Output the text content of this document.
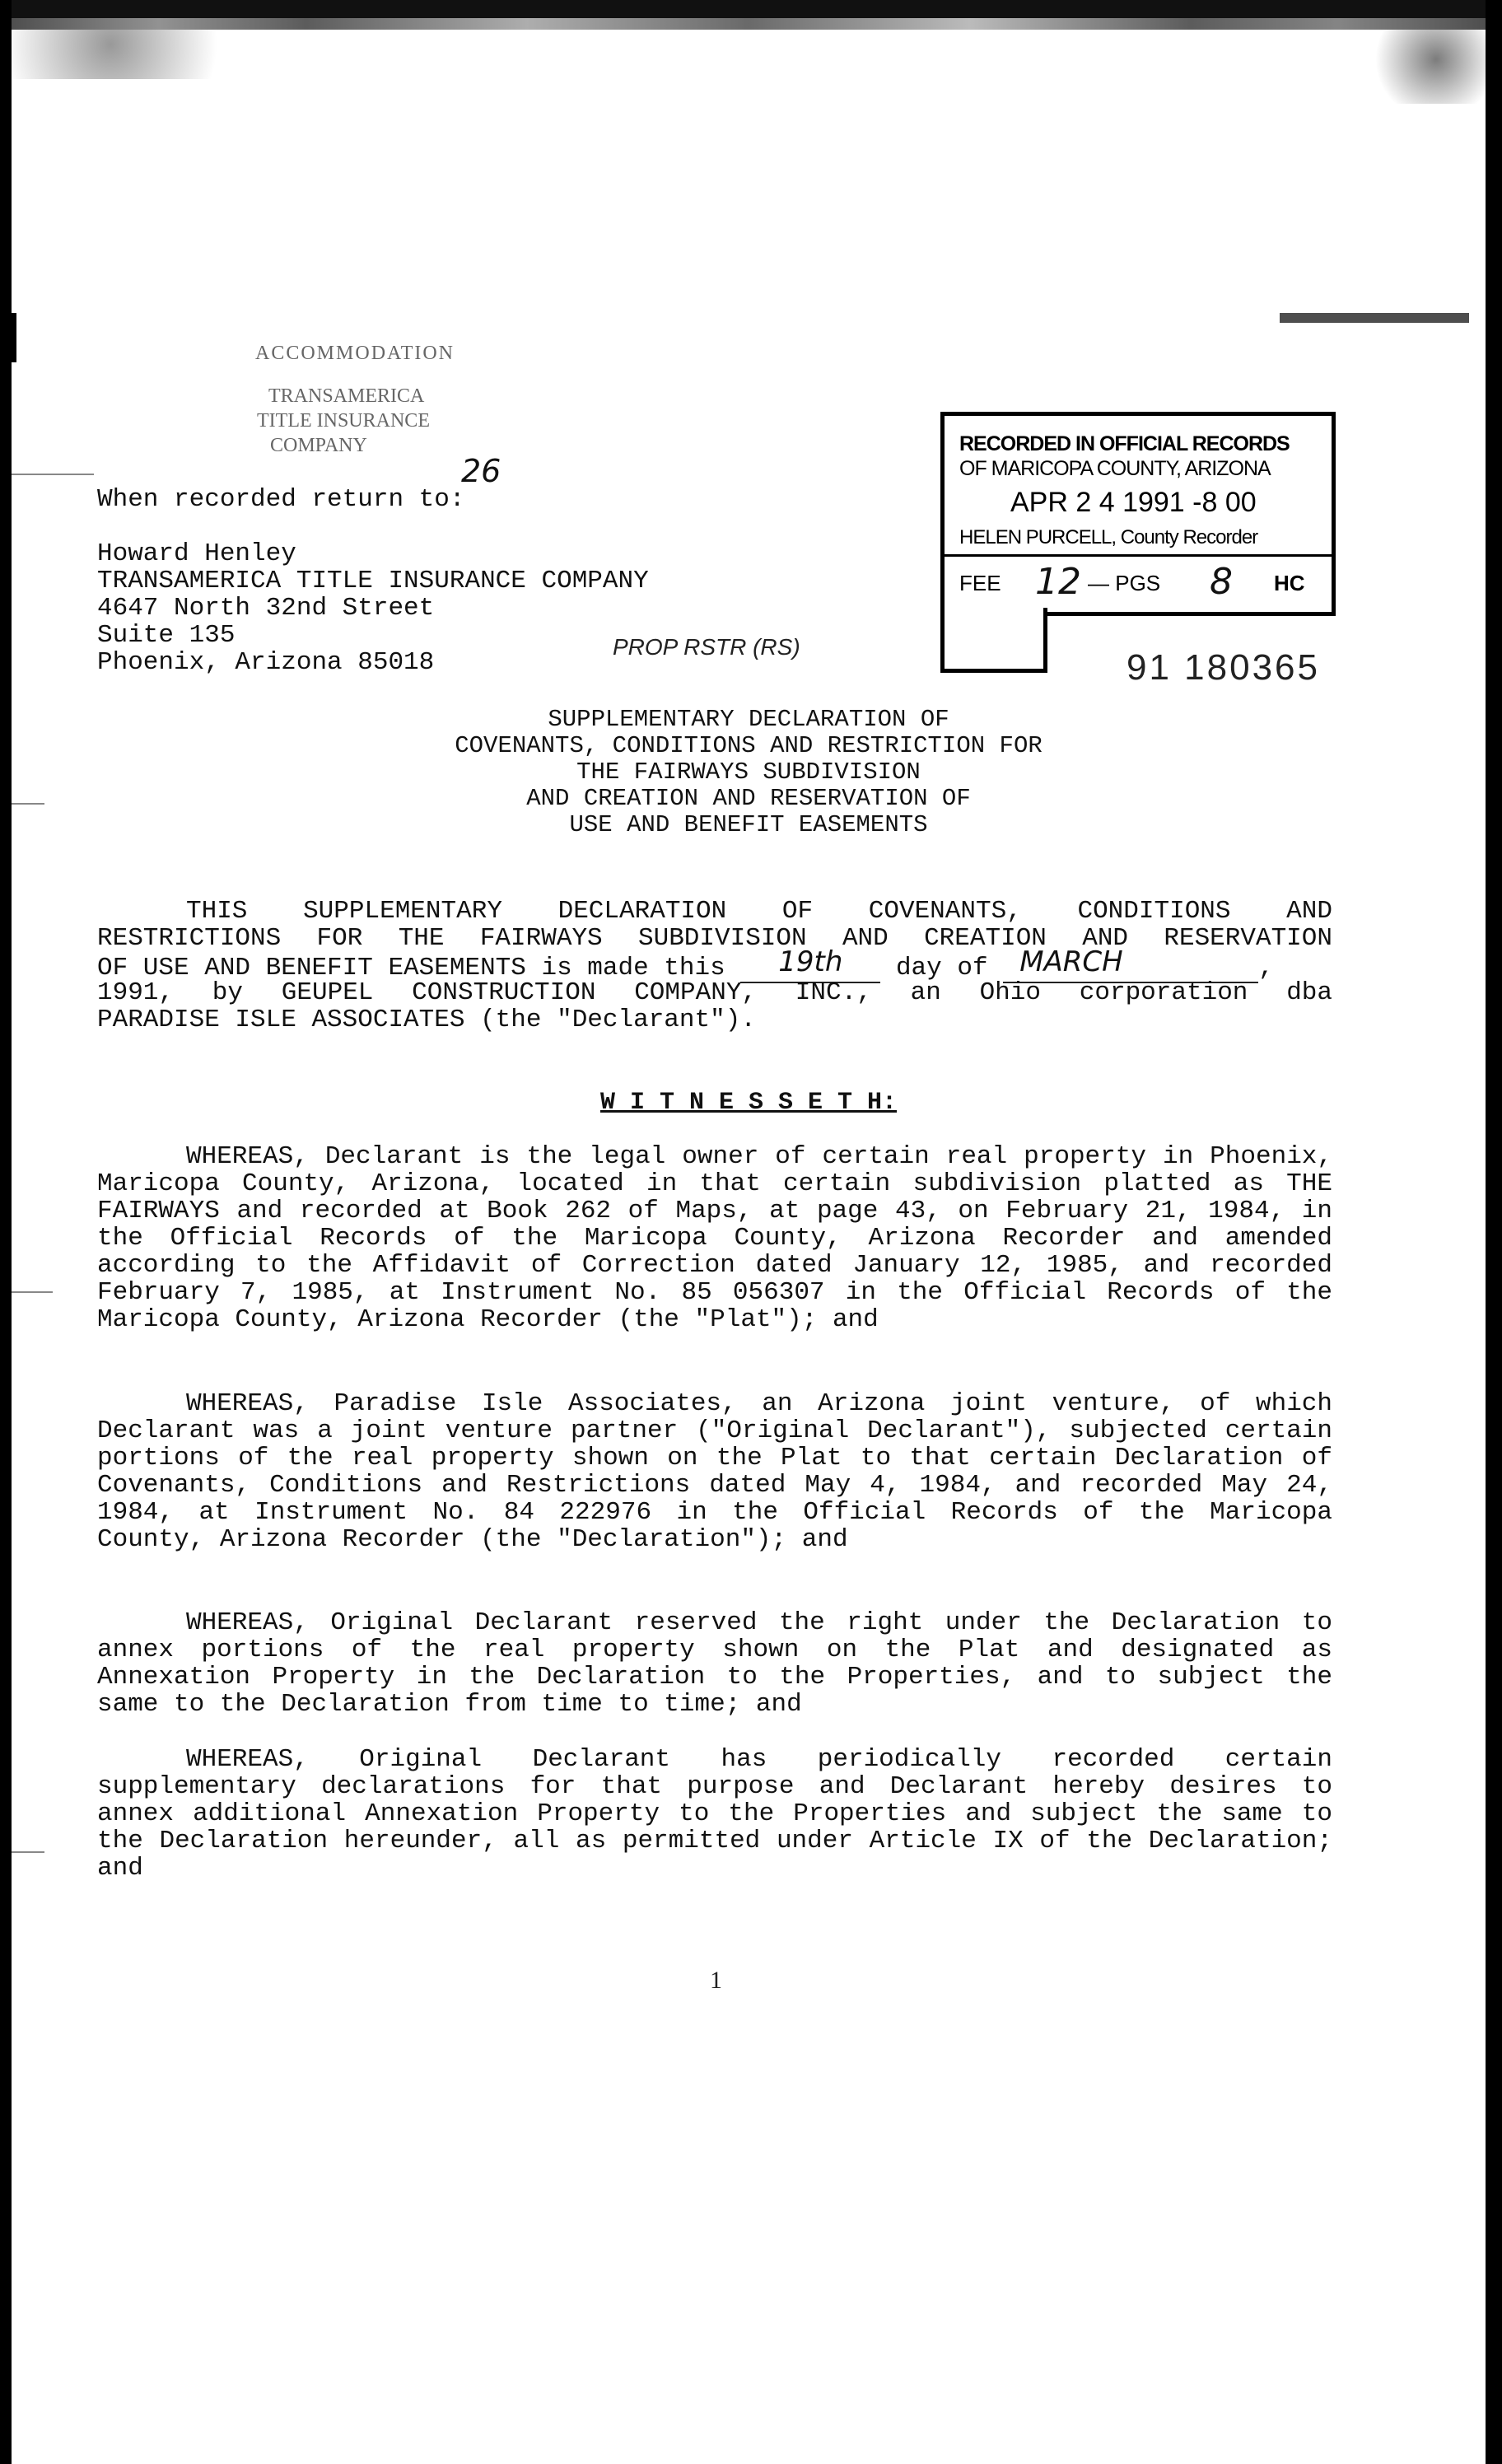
ACCOMMODATION
TRANSAMERICA
TITLE INSURANCE
COMPANY
26
When recorded return to:
Howard Henley
TRANSAMERICA TITLE INSURANCE COMPANY
4647 North 32nd Street
Suite 135
Phoenix, Arizona 85018
PROP RSTR (RS)
RECORDED IN OFFICIAL RECORDS
OF MARICOPA COUNTY, ARIZONA
APR 2 4 1991 -8 00
HELEN PURCELL, County Recorder
FEE 12 — PGS 8 HC
91 180365
SUPPLEMENTARY DECLARATION OF
COVENANTS, CONDITIONS AND RESTRICTION FOR
THE FAIRWAYS SUBDIVISION
AND CREATION AND RESERVATION OF
USE AND BENEFIT EASEMENTS
THIS SUPPLEMENTARY DECLARATION OF COVENANTS, CONDITIONS AND
RESTRICTIONS FOR THE FAIRWAYS SUBDIVISION AND CREATION AND RESERVATION
OF USE AND BENEFIT EASEMENTS is made this 19th day of MARCH	,
1991, by GEUPEL CONSTRUCTION COMPANY, INC., an Ohio corporation dba
PARADISE ISLE ASSOCIATES (the "Declarant").
W I T N E S S E T H:
WHEREAS, Declarant is the legal owner of certain real property in Phoenix, Maricopa County, Arizona, located in that certain subdivision platted as THE FAIRWAYS and recorded at Book 262 of Maps, at page 43, on February 21, 1984, in the Official Records of the Maricopa County, Arizona Recorder and amended according to the Affidavit of Correction dated January 12, 1985, and recorded February 7, 1985, at Instrument No. 85 056307 in the Official Records of the Maricopa County, Arizona Recorder (the "Plat"); and
WHEREAS, Paradise Isle Associates, an Arizona joint venture, of which Declarant was a joint venture partner ("Original Declarant"), subjected certain portions of the real property shown on the Plat to that certain Declaration of Covenants, Conditions and Restrictions dated May 4, 1984, and recorded May 24, 1984, at Instrument No. 84 222976 in the Official Records of the Maricopa County, Arizona Recorder (the "Declaration"); and
WHEREAS, Original Declarant reserved the right under the Declaration to annex portions of the real property shown on the Plat and designated as Annexation Property in the Declaration to the Properties, and to subject the same to the Declaration from time to time; and
WHEREAS, Original Declarant has periodically recorded certain supplementary declarations for that purpose and Declarant hereby desires to annex additional Annexation Property to the Properties and subject the same to the Declaration hereunder, all as permitted under Article IX of the Declaration; and
1
